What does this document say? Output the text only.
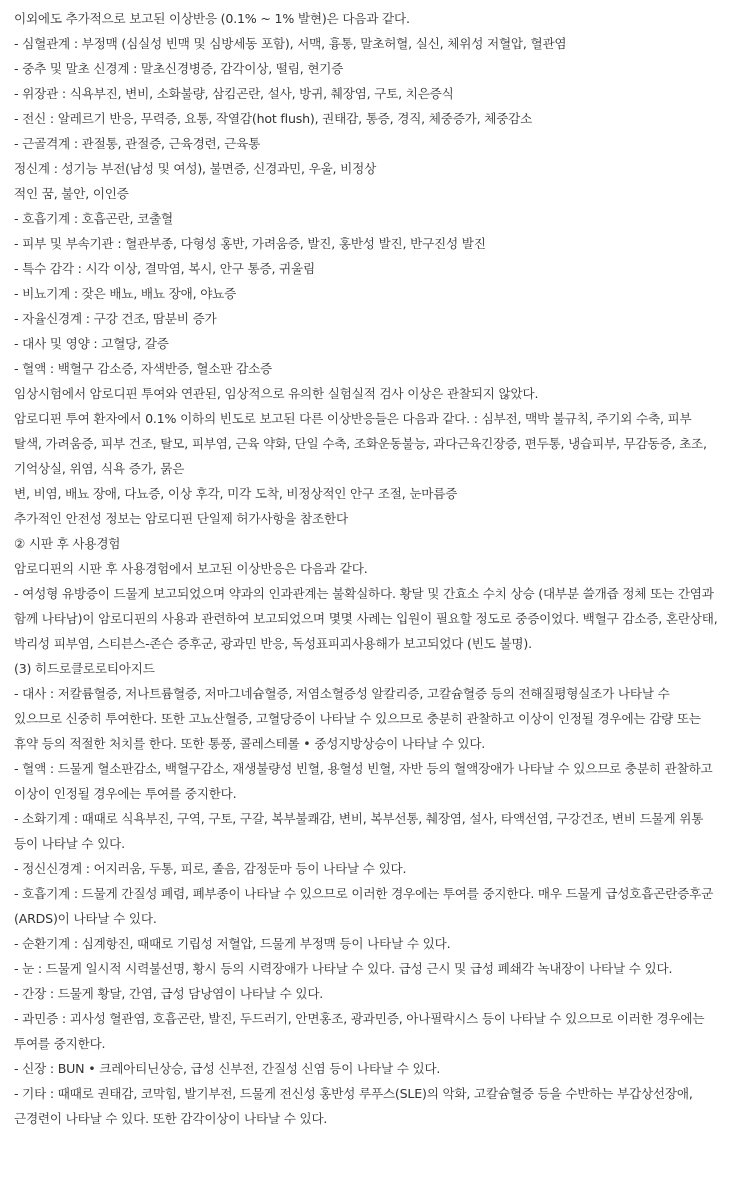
이외에도 추가적으로 보고된 이상반응 (0.1% ~ 1% 발현)은 다음과 같다.

- 심혈관계 : 부정맥 (심실성 빈맥 및 심방세동 포함), 서맥, 흉통, 말초허혈, 실신, 체위성 저혈압, 혈관염

- 중추 및 말초 신경계 : 말초신경병증, 감각이상, 떨림, 현기증

- 위장관 : 식욕부진, 변비, 소화불량, 삼킴곤란, 설사, 방귀, 췌장염, 구토, 치은증식

- 전신 : 알레르기 반응, 무력증, 요통, 작열감(hot flush), 권태감, 통증, 경직, 체중증가, 체중감소

- 근골격계 : 관절통, 관절증, 근육경련, 근육통

정신계 : 성기능 부전(남성 및 여성), 불면증, 신경과민, 우울, 비정상

적인 꿈, 불안, 이인증

- 호흡기계 : 호흡곤란, 코출혈

- 피부 및 부속기관 : 혈관부종, 다형성 홍반, 가려움증, 발진, 홍반성 발진, 반구진성 발진

- 특수 감각 : 시각 이상, 결막염, 복시, 안구 통증, 귀울림

- 비뇨기계 : 잦은 배뇨, 배뇨 장애, 야뇨증

- 자율신경계 : 구강 건조, 땀분비 증가

- 대사 및 영양 : 고혈당, 갈증

- 혈액 : 백혈구 감소증, 자색반증, 혈소판 감소증

임상시험에서 암로디핀 투여와 연관된, 임상적으로 유의한 실험실적 검사 이상은 관찰되지 않았다.

암로디핀 투여 환자에서 0.1% 이하의 빈도로 보고된 다른 이상반응들은 다음과 같다. : 심부전, 맥박 불규칙, 주기외 수축, 피부 탈색, 가려움증, 피부 건조, 탈모, 피부염, 근육 약화, 단일 수축, 조화운동불능, 과다근육긴장증, 편두통, 냉습피부, 무감동증, 초조, 기억상실, 위염, 식욕 증가, 묽은

변, 비염, 배뇨 장애, 다뇨증, 이상 후각, 미각 도착, 비정상적인 안구 조절, 눈마름증

추가적인 안전성 정보는 암로디핀 단일제 허가사항을 참조한다

② 시판 후 사용경험

암로디핀의 시판 후 사용경험에서 보고된 이상반응은 다음과 같다.

- 여성형 유방증이 드물게 보고되었으며 약과의 인과관계는 불확실하다. 황달 및 간효소 수치 상승 (대부분 쓸개즙 정체 또는 간염과 함께 나타남)이 암로디핀의 사용과 관련하여 보고되었으며 몇몇 사례는 입원이 필요할 정도로 중증이었다. 백혈구 감소증, 혼란상태, 박리성 피부염, 스티븐스-존슨 증후군, 광과민 반응, 독성표피괴사용해가 보고되었다 (빈도 불명).

(3) 히드로클로로티아지드

- 대사 : 저칼륨혈증, 저나트륨혈증, 저마그네슘혈증, 저염소혈증성 알칼리증, 고칼슘혈증 등의 전해질평형실조가 나타날 수 있으므로 신중히 투여한다. 또한 고뇨산혈증, 고혈당증이 나타날 수 있으므로 충분히 관찰하고 이상이 인정될 경우에는 감량 또는 휴약 등의 적절한 처치를 한다. 또한 통풍, 콜레스테롤 • 중성지방상승이 나타날 수 있다.

- 혈액 : 드물게 혈소판감소, 백혈구감소, 재생불량성 빈혈, 용혈성 빈혈, 자반 등의 혈액장애가 나타날 수 있으므로 충분히 관찰하고 이상이 인정될 경우에는 투여를 중지한다.

- 소화기계 : 때때로 식욕부진, 구역, 구토, 구갈, 복부불쾌감, 변비, 복부선통, 췌장염, 설사, 타액선염, 구강건조, 변비 드물게 위통 등이 나타날 수 있다.

- 정신신경계 : 어지러움, 두통, 피로, 졸음, 감정둔마 등이 나타날 수 있다.

- 호흡기계 : 드물게 간질성 폐렴, 폐부종이 나타날 수 있으므로 이러한 경우에는 투여를 중지한다. 매우 드물게 급성호흡곤란증후군(ARDS)이 나타날 수 있다.

- 순환기계 : 심계항진, 때때로 기립성 저혈압, 드물게 부정맥 등이 나타날 수 있다.

- 눈 : 드물게 일시적 시력불선명, 황시 등의 시력장애가 나타날 수 있다. 급성 근시 및 급성 폐쇄각 녹내장이 나타날 수 있다.

- 간장 : 드물게 황달, 간염, 급성 담낭염이 나타날 수 있다.

- 과민증 : 괴사성 혈관염, 호흡곤란, 발진, 두드러기, 안면홍조, 광과민증, 아나필락시스 등이 나타날 수 있으므로 이러한 경우에는 투여를 중지한다.

- 신장 : BUN • 크레아티닌상승, 급성 신부전, 간질성 신염 등이 나타날 수 있다.

- 기타 : 때때로 권태감, 코막힘, 발기부전, 드물게 전신성 홍반성 루푸스(SLE)의 악화, 고칼슘혈증 등을 수반하는 부갑상선장애, 근경련이 나타날 수 있다. 또한 감각이상이 나타날 수 있다.
